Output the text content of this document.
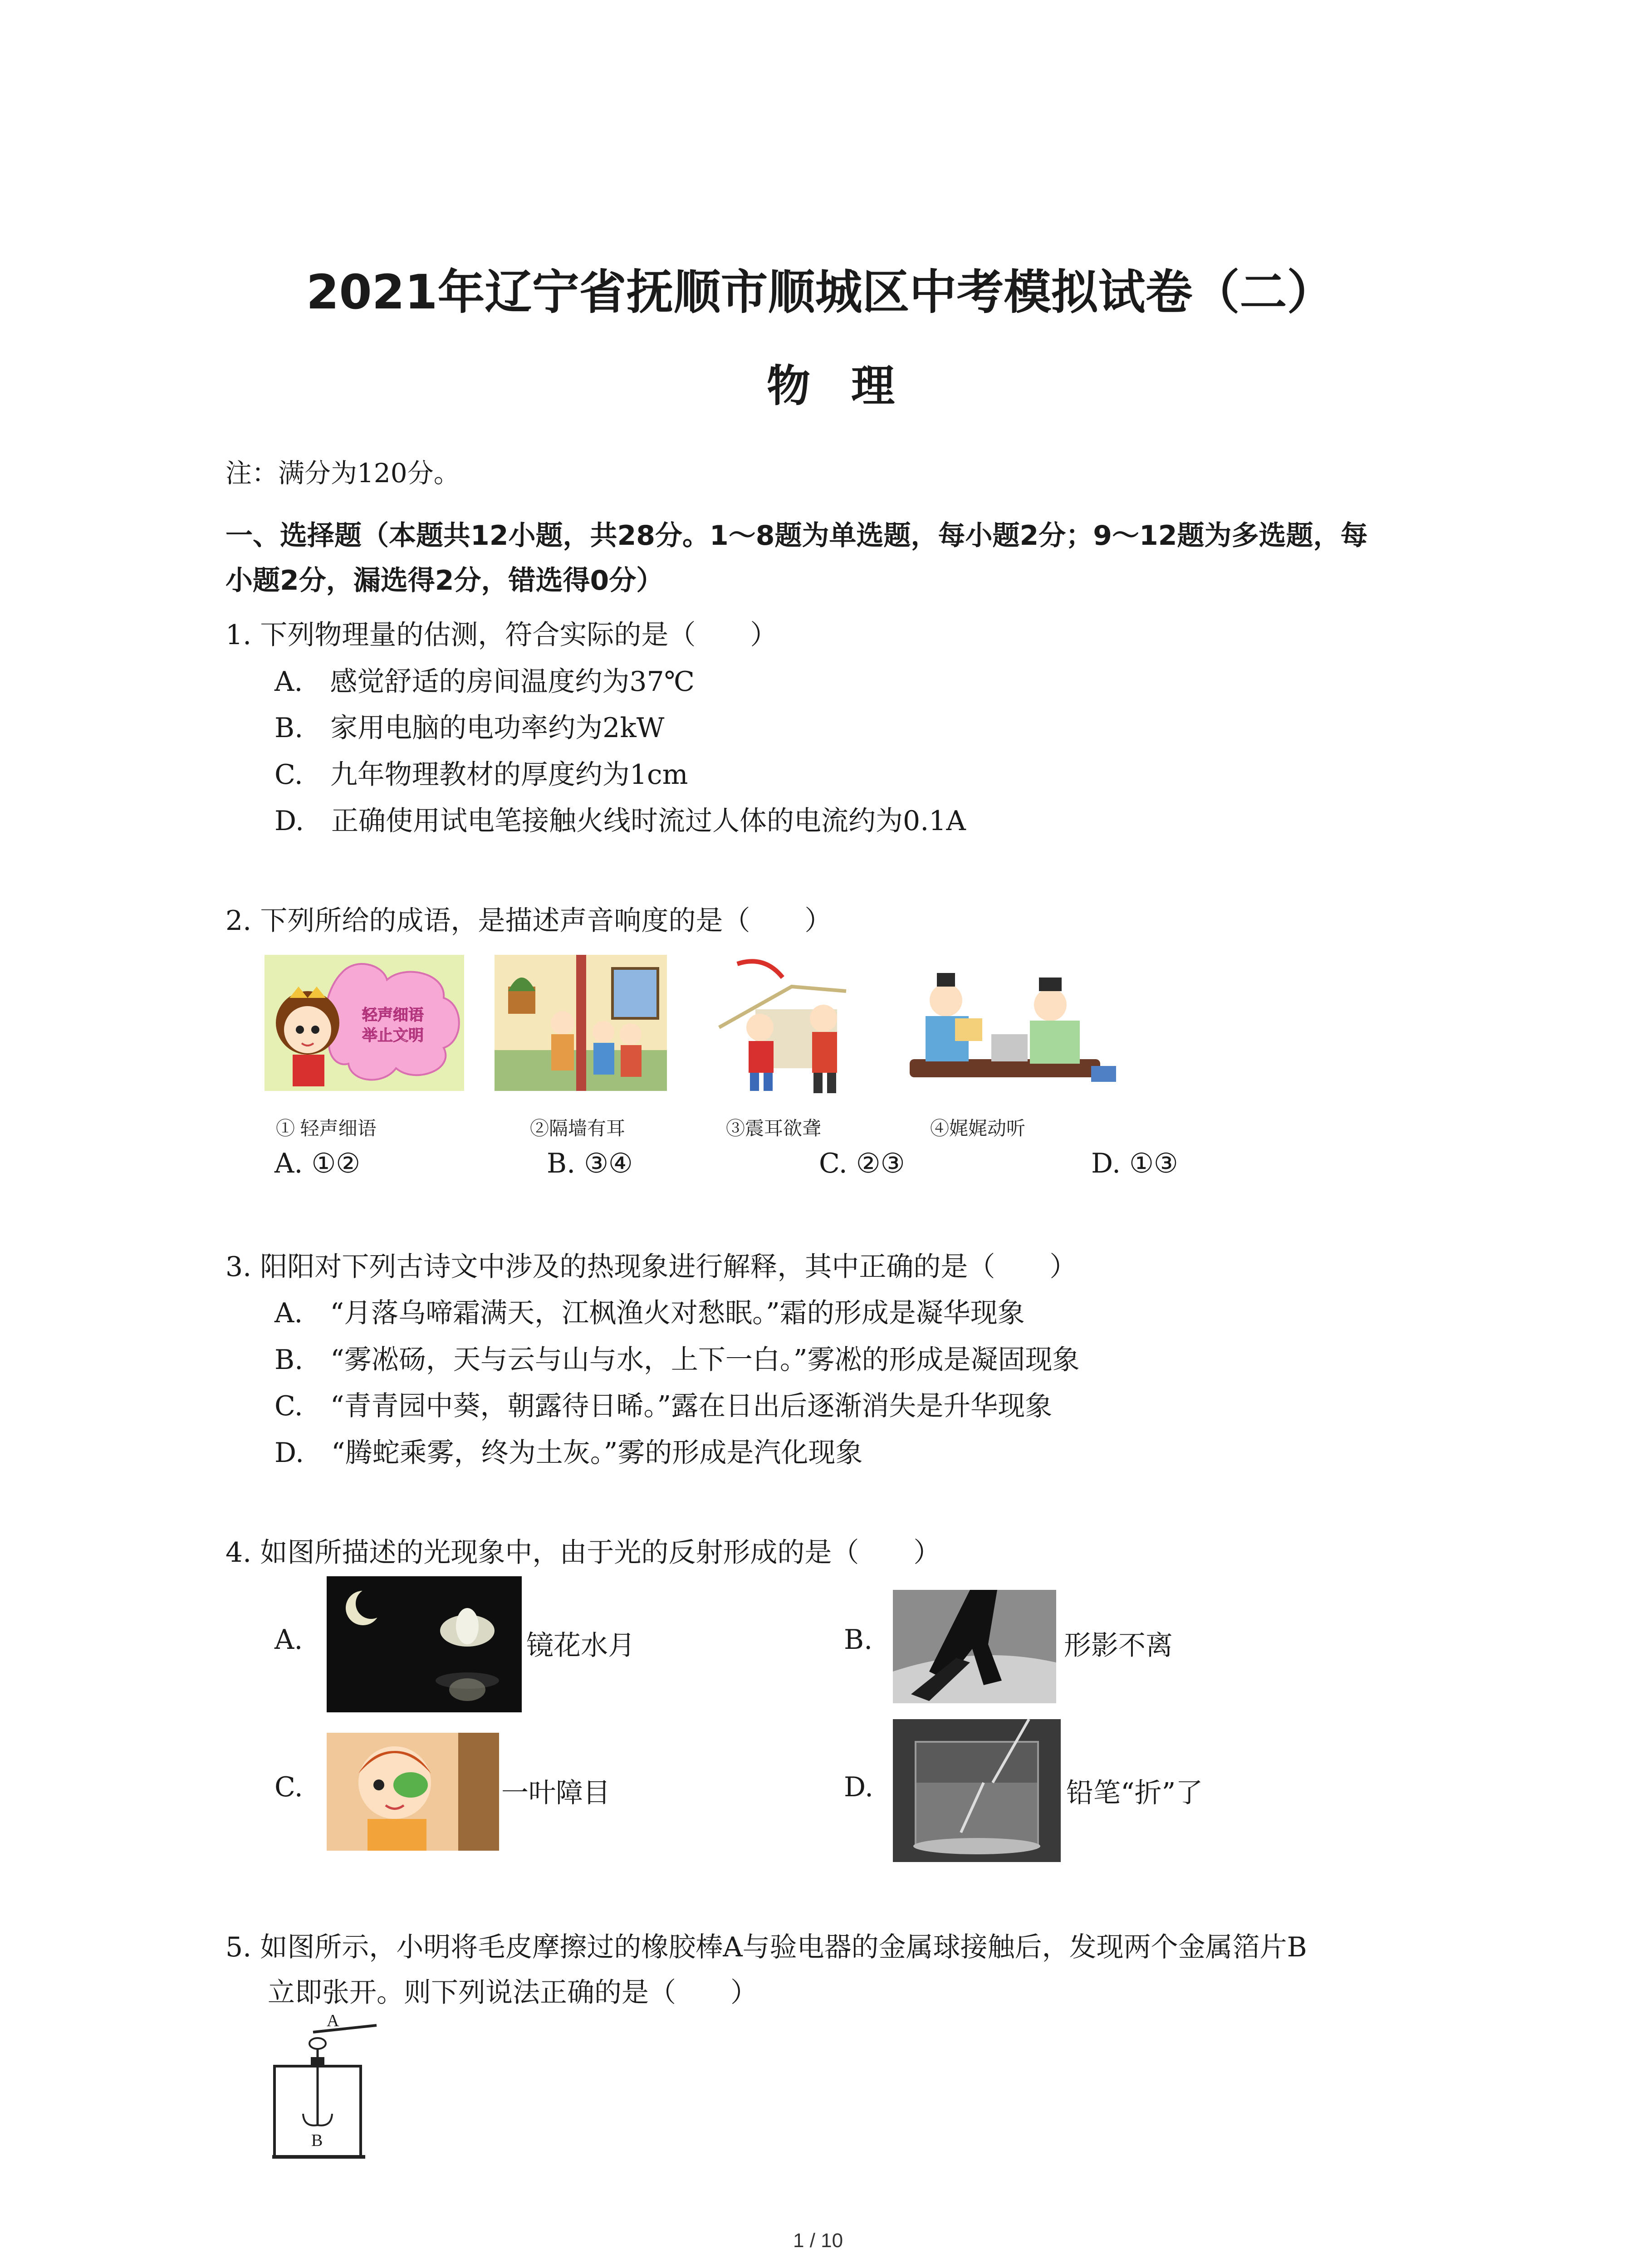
2021年辽宁省抚顺市顺城区中考模拟试卷（二）
物理
注：满分为120分。
一、选择题（本题共12小题，共28分。1～8题为单选题，每小题2分；9～12题为多选题，每
小题2分，漏选得2分，错选得0分）
1. 下列物理量的估测，符合实际的是（　　）
A.　感觉舒适的房间温度约为37℃
B.　家用电脑的电功率约为2kW
C.　九年物理教材的厚度约为1cm
D.　正确使用试电笔接触火线时流过人体的电流约为0.1A
2. 下列所给的成语，是描述声音响度的是（　　）
轻声细语
举止文明
① 轻声细语	②隔墙有耳	③震耳欲聋	④娓娓动听
A. ①②	B. ③④	C. ②③	D. ①③
3. 阳阳对下列古诗文中涉及的热现象进行解释，其中正确的是（　　）
A.　“月落乌啼霜满天，江枫渔火对愁眠。”霜的形成是凝华现象
B.　“雾凇砀，天与云与山与水，上下一白。”雾凇的形成是凝固现象
C.　“青青园中葵，朝露待日晞。”露在日出后逐渐消失是升华现象
D.　“腾蛇乘雾，终为土灰。”雾的形成是汽化现象
4. 如图所描述的光现象中，由于光的反射形成的是（　　）
A.	镜花水月	B.	形影不离
C.	一叶障目	D.	铅笔“折”了
5. 如图所示，小明将毛皮摩擦过的橡胶棒A与验电器的金属球接触后，发现两个金属箔片B
立即张开。则下列说法正确的是（　　）
A
B
1 / 10
